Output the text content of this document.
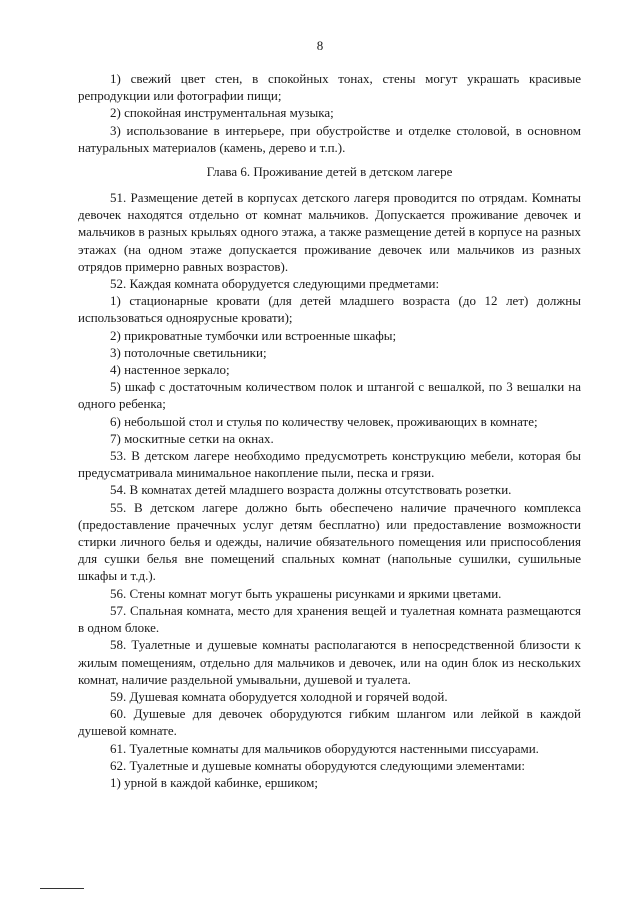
8

1) свежий цвет стен, в спокойных тонах, стены могут украшать красивые репродукции или фотографии пищи;

2) спокойная инструментальная музыка;

3) использование в интерьере, при обустройстве и отделке столовой, в основном натуральных материалов (камень, дерево и т.п.).

Глава 6. Проживание детей в детском лагере

51. Размещение детей в корпусах детского лагеря проводится по отрядам. Комнаты девочек находятся отдельно от комнат мальчиков. Допускается проживание девочек и мальчиков в разных крыльях одного этажа, а также размещение детей в корпусе на разных этажах (на одном этаже допускается проживание девочек или мальчиков из разных отрядов примерно равных возрастов).

52. Каждая комната оборудуется следующими предметами:

1) стационарные кровати (для детей младшего возраста (до 12 лет) должны использоваться одноярусные кровати);

2) прикроватные тумбочки или встроенные шкафы;

3) потолочные светильники;

4) настенное зеркало;

5) шкаф с достаточным количеством полок и штангой с вешалкой, по 3 вешалки на одного ребенка;

6) небольшой стол и стулья по количеству человек, проживающих в комнате;

7) москитные сетки на окнах.

53. В детском лагере необходимо предусмотреть конструкцию мебели, которая бы предусматривала минимальное накопление пыли, песка и грязи.

54. В комнатах детей младшего возраста должны отсутствовать розетки.

55. В детском лагере должно быть обеспечено наличие прачечного комплекса (предоставление прачечных услуг детям бесплатно) или предоставление возможности стирки личного белья и одежды, наличие обязательного помещения или приспособления для сушки белья вне помещений спальных комнат (напольные сушилки, сушильные шкафы и т.д.).

56. Стены комнат могут быть украшены рисунками и яркими цветами.

57. Спальная комната, место для хранения вещей и туалетная комната размещаются в одном блоке.

58. Туалетные и душевые комнаты располагаются в непосредственной близости к жилым помещениям, отдельно для мальчиков и девочек, или на один блок из нескольких комнат, наличие раздельной умывальни, душевой и туалета.

59. Душевая комната оборудуется холодной и горячей водой.

60. Душевые для девочек оборудуются гибким шлангом или лейкой в каждой душевой комнате.

61. Туалетные комнаты для мальчиков оборудуются настенными писсуарами.

62. Туалетные и душевые комнаты оборудуются следующими элементами:

1) урной в каждой кабинке, ершиком;
